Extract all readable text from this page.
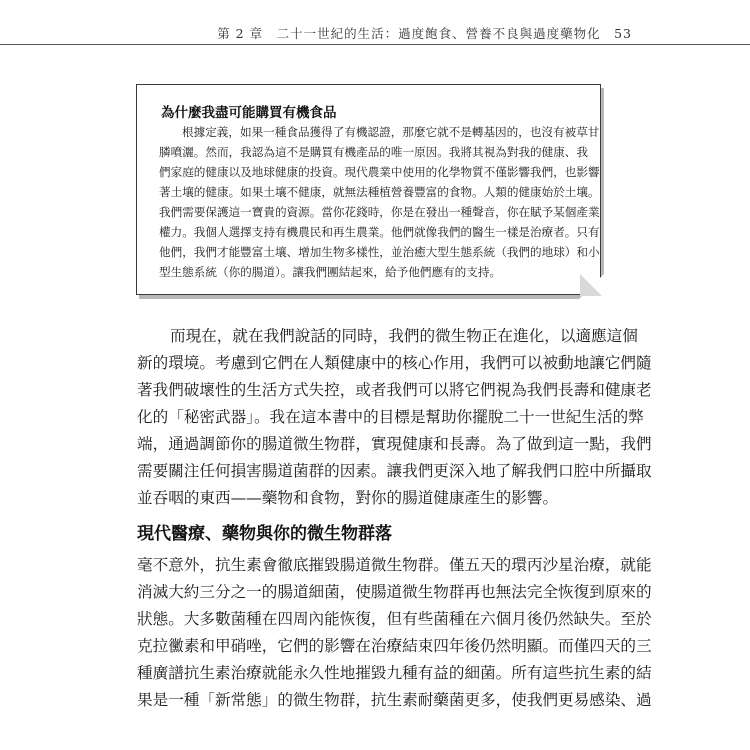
第 2 章　二十一世紀的生活：過度飽食、營養不良與過度藥物化　53
為什麼我盡可能購買有機食品
根據定義，如果一種食品獲得了有機認證，那麼它就不是轉基因的，也沒有被草甘
膦噴灑。然而，我認為這不是購買有機產品的唯一原因。我將其視為對我的健康、我
們家庭的健康以及地球健康的投資。現代農業中使用的化學物質不僅影響我們，也影響
著土壤的健康。如果土壤不健康，就無法種植營養豐富的食物。人類的健康始於土壤。
我們需要保護這一寶貴的資源。當你花錢時，你是在發出一種聲音，你在賦予某個產業
權力。我個人選擇支持有機農民和再生農業。他們就像我們的醫生一樣是治療者。只有
他們，我們才能豐富土壤、增加生物多樣性，並治癒大型生態系統（我們的地球）和小
型生態系統（你的腸道）。讓我們團結起來，給予他們應有的支持。
而現在，就在我們說話的同時，我們的微生物正在進化，以適應這個
新的環境。考慮到它們在人類健康中的核心作用，我們可以被動地讓它們隨
著我們破壞性的生活方式失控，或者我們可以將它們視為我們長壽和健康老
化的「秘密武器」。我在這本書中的目標是幫助你擺脫二十一世紀生活的弊
端，通過調節你的腸道微生物群，實現健康和長壽。為了做到這一點，我們
需要關注任何損害腸道菌群的因素。讓我們更深入地了解我們口腔中所攝取
並吞咽的東西——藥物和食物，對你的腸道健康產生的影響。
現代醫療、藥物與你的微生物群落
毫不意外，抗生素會徹底摧毀腸道微生物群。僅五天的環丙沙星治療，就能
消滅大約三分之一的腸道細菌，使腸道微生物群再也無法完全恢復到原來的
狀態。大多數菌種在四周內能恢復，但有些菌種在六個月後仍然缺失。至於
克拉黴素和甲硝唑，它們的影響在治療結束四年後仍然明顯。而僅四天的三
種廣譜抗生素治療就能永久性地摧毀九種有益的細菌。所有這些抗生素的結
果是一種「新常態」的微生物群，抗生素耐藥菌更多，使我們更易感染、過
